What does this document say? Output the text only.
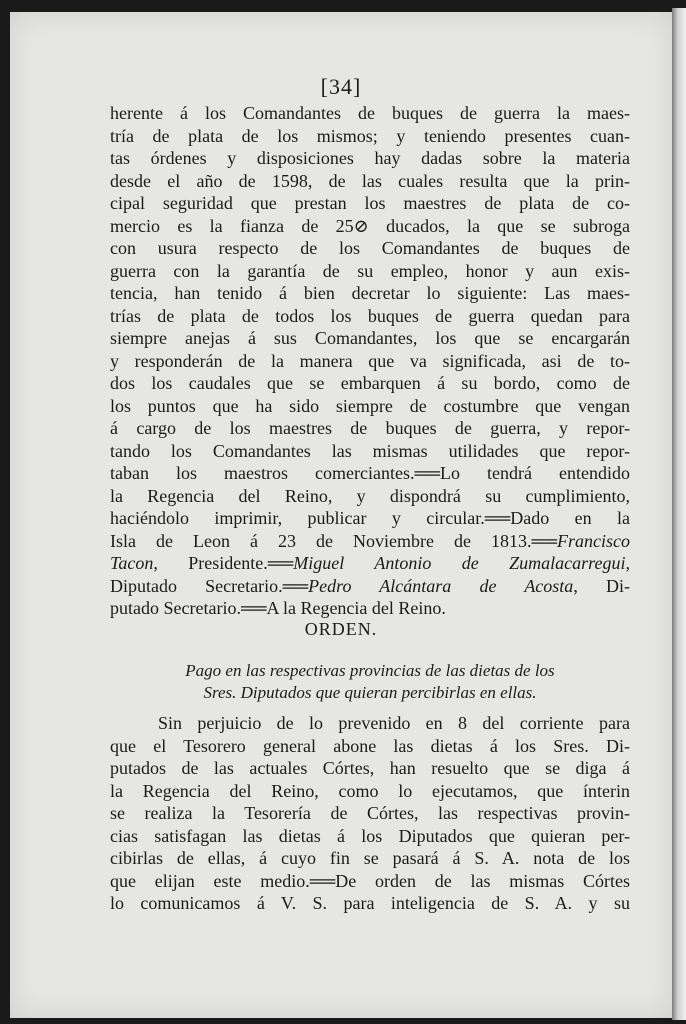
[34]
herente á los Comandantes de buques de guerra la maes-
tría de plata de los mismos; y teniendo presentes cuan-
tas órdenes y disposiciones hay dadas sobre la materia
desde el año de 1598, de las cuales resulta que la prin-
cipal seguridad que prestan los maestres de plata de co-
mercio es la fianza de 25⊘ ducados, la que se subroga
con usura respecto de los Comandantes de buques de
guerra con la garantía de su empleo, honor y aun exis-
tencia, han tenido á bien decretar lo siguiente: Las maes-
trías de plata de todos los buques de guerra quedan para
siempre anejas á sus Comandantes, los que se encargarán
y responderán de la manera que va significada, asi de to-
dos los caudales que se embarquen á su bordo, como de
los puntos que ha sido siempre de costumbre que vengan
á cargo de los maestres de buques de guerra, y repor-
tando los Comandantes las mismas utilidades que repor-
taban los maestros comerciantes.══Lo tendrá entendido
la Regencia del Reino, y dispondrá su cumplimiento,
haciéndolo imprimir, publicar y circular.══Dado en la
Isla de Leon á 23 de Noviembre de 1813.══Francisco
Tacon, Presidente.══Miguel Antonio de Zumalacarregui,
Diputado Secretario.══Pedro Alcántara de Acosta, Di-
putado Secretario.══A la Regencia del Reino.
ORDEN.
Pago en las respectivas provincias de las dietas de los
Sres. Diputados que quieran percibirlas en ellas.
Sin perjuicio de lo prevenido en 8 del corriente para
que el Tesorero general abone las dietas á los Sres. Di-
putados de las actuales Córtes, han resuelto que se diga á
la Regencia del Reino, como lo ejecutamos, que ínterin
se realiza la Tesorería de Córtes, las respectivas provin-
cias satisfagan las dietas á los Diputados que quieran per-
cibirlas de ellas, á cuyo fin se pasará á S. A. nota de los
que elijan este medio.══De orden de las mismas Córtes
lo comunicamos á V. S. para inteligencia de S. A. y su
